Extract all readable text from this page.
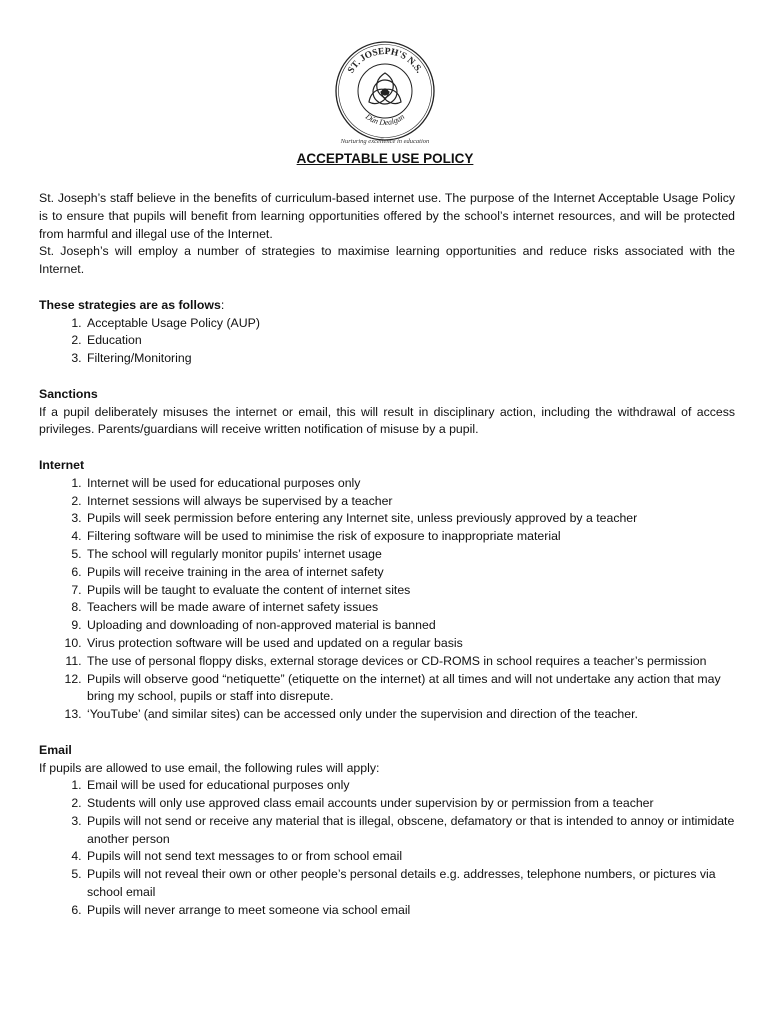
ST. JOSEPH'S N.S.
Dún Dealgan
Nurturing excellence in education
ACCEPTABLE USE POLICY

St. Joseph’s staff believe in the benefits of curriculum-based internet use. The purpose of the Internet Acceptable Usage Policy is to ensure that pupils will benefit from learning opportunities offered by the school’s internet resources, and will be protected from harmful and illegal use of the Internet.

St. Joseph’s will employ a number of strategies to maximise learning opportunities and reduce risks associated with the Internet.

These strategies are as follows:
1. Acceptable Usage Policy (AUP)
2. Education
3. Filtering/Monitoring
Sanctions

If a pupil deliberately misuses the internet or email, this will result in disciplinary action, including the withdrawal of access privileges. Parents/guardians will receive written notification of misuse by a pupil.

Internet
1. Internet will be used for educational purposes only
2. Internet sessions will always be supervised by a teacher
3. Pupils will seek permission before entering any Internet site, unless previously approved by a teacher
4. Filtering software will be used to minimise the risk of exposure to inappropriate material
5. The school will regularly monitor pupils’ internet usage
6. Pupils will receive training in the area of internet safety
7. Pupils will be taught to evaluate the content of internet sites
8. Teachers will be made aware of internet safety issues
9. Uploading and downloading of non-approved material is banned
10. Virus protection software will be used and updated on a regular basis
11. The use of personal floppy disks, external storage devices or CD-ROMS in school requires a teacher’s permission
12. Pupils will observe good “netiquette” (etiquette on the internet) at all times and will not undertake any action that may bring my school, pupils or staff into disrepute.
13. ‘YouTube’ (and similar sites) can be accessed only under the supervision and direction of the teacher.
Email

If pupils are allowed to use email, the following rules will apply:

1. Email will be used for educational purposes only
2. Students will only use approved class email accounts under supervision by or permission from a teacher
3. Pupils will not send or receive any material that is illegal, obscene, defamatory or that is intended to annoy or intimidate another person
4. Pupils will not send text messages to or from school email
5. Pupils will not reveal their own or other people’s personal details e.g. addresses, telephone numbers, or pictures via school email
6. Pupils will never arrange to meet someone via school email
